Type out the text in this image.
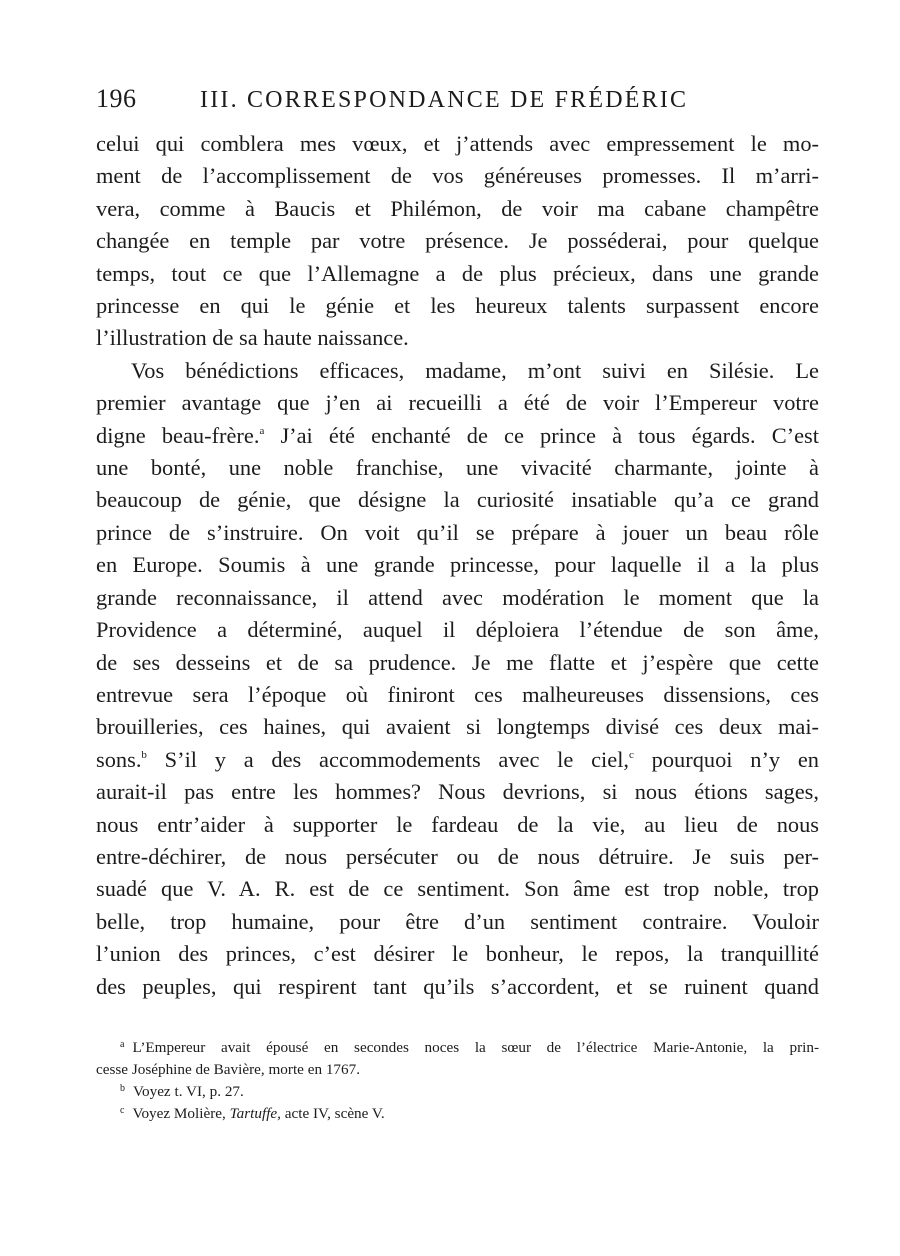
196	III. CORRESPONDANCE DE FRÉDÉRIC
celui qui comblera mes vœux, et j’attends avec empressement le mo-
ment de l’accomplissement de vos généreuses promesses. Il m’arri-
vera, comme à Baucis et Philémon, de voir ma cabane champêtre
changée en temple par votre présence. Je posséderai, pour quelque
temps, tout ce que l’Allemagne a de plus précieux, dans une grande
princesse en qui le génie et les heureux talents surpassent encore
l’illustration de sa haute naissance.
Vos bénédictions efficaces, madame, m’ont suivi en Silésie. Le
premier avantage que j’en ai recueilli a été de voir l’Empereur votre
digne beau-frère.$^a$ J’ai été enchanté de ce prince à tous égards. C’est
une bonté, une noble franchise, une vivacité charmante, jointe à
beaucoup de génie, que désigne la curiosité insatiable qu’a ce grand
prince de s’instruire. On voit qu’il se prépare à jouer un beau rôle
en Europe. Soumis à une grande princesse, pour laquelle il a la plus
grande reconnaissance, il attend avec modération le moment que la
Providence a déterminé, auquel il déploiera l’étendue de son âme,
de ses desseins et de sa prudence. Je me flatte et j’espère que cette
entrevue sera l’époque où finiront ces malheureuses dissensions, ces
brouilleries, ces haines, qui avaient si longtemps divisé ces deux mai-
sons.$^b$ S’il y a des accommodements avec le ciel,$^c$ pourquoi n’y en
aurait-il pas entre les hommes? Nous devrions, si nous étions sages,
nous entr’aider à supporter le fardeau de la vie, au lieu de nous
entre-déchirer, de nous persécuter ou de nous détruire. Je suis per-
suadé que V. A. R. est de ce sentiment. Son âme est trop noble, trop
belle, trop humaine, pour être d’un sentiment contraire. Vouloir
l’union des princes, c’est désirer le bonheur, le repos, la tranquillité
des peuples, qui respirent tant qu’ils s’accordent, et se ruinent quand
$^a$ L’Empereur avait épousé en secondes noces la sœur de l’électrice Marie-Antonie, la prin-
cesse Joséphine de Bavière, morte en 1767.
$^b$ Voyez t. VI, p. 27.
$^c$ Voyez Molière, Tartuffe, acte IV, scène V.
